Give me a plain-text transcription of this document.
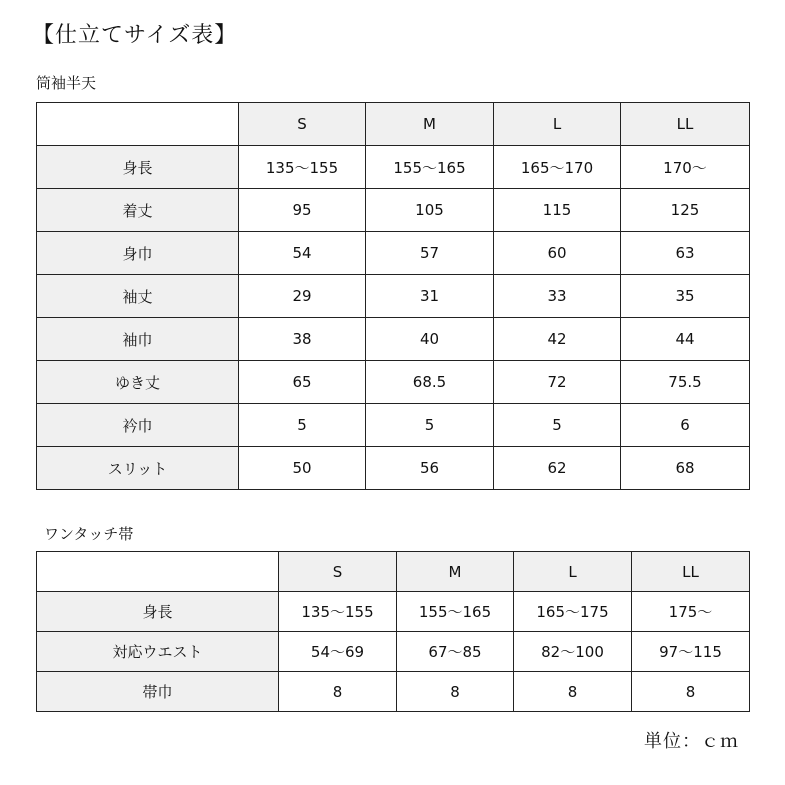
【仕立てサイズ表】
筒袖半天
	S	M	L	LL
身長	135～155	155～165	165～170	170～
着丈	95	105	115	125
身巾	54	57	60	63
袖丈	29	31	33	35
袖巾	38	40	42	44
ゆき丈	65	68.5	72	75.5
衿巾	5	5	5	6
スリット	50	56	62	68
ワンタッチ帯
	S	M	L	LL
身長	135～155	155～165	165～175	175～
対応ウエスト	54～69	67～85	82～100	97～115
帯巾	8	8	8	8
単位：ｃｍ
